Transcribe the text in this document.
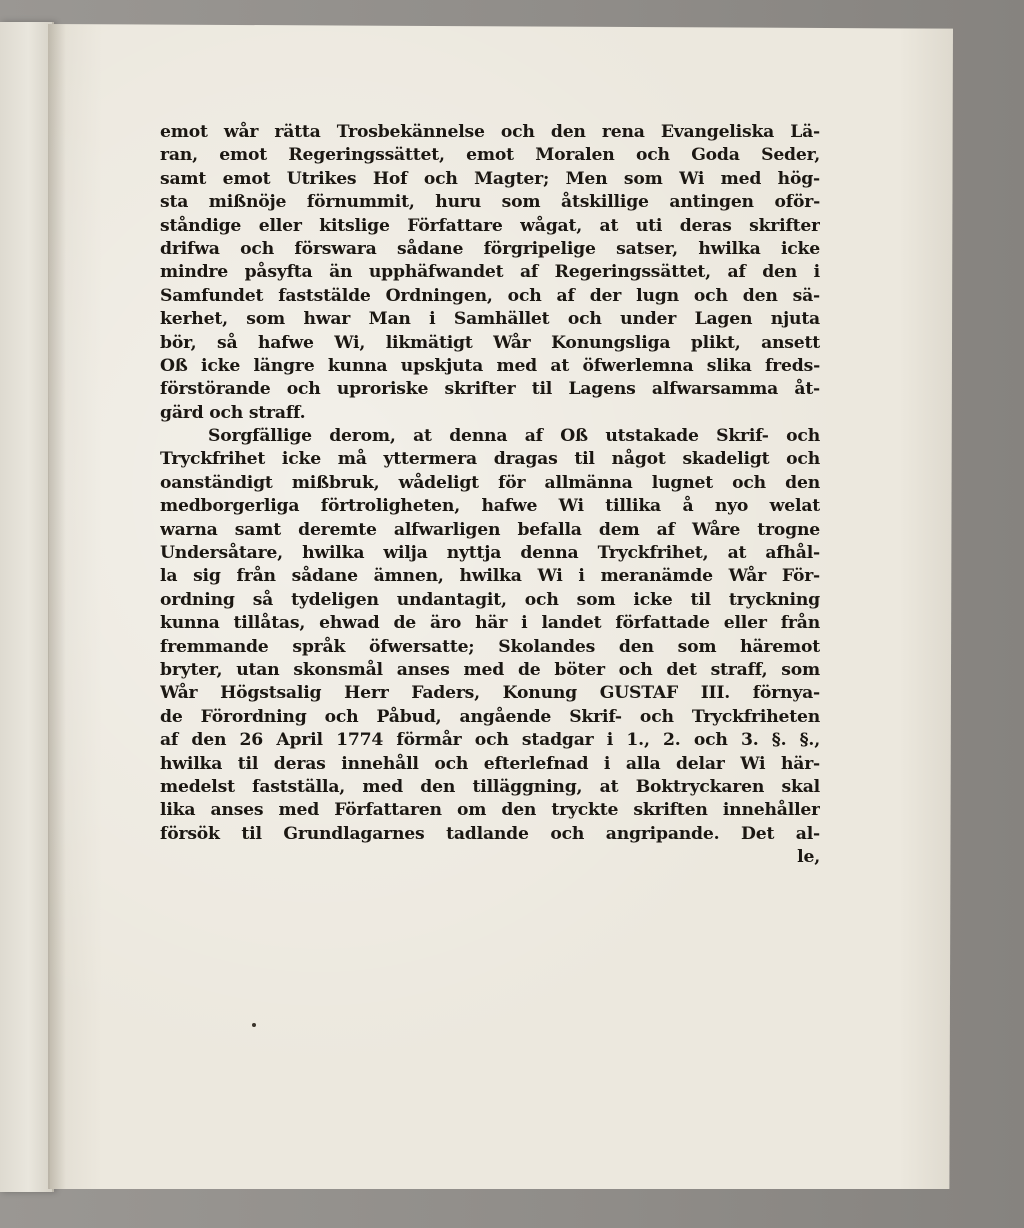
emot wår rätta Trosbekännelse och den rena Evangeliska Lä-
ran, emot Regeringssättet, emot Moralen och Goda Seder,
samt emot Utrikes Hof och Magter; Men som Wi med hög-
sta mißnöje förnummit, huru som åtskillige antingen oför-
ståndige eller kitslige Författare wågat, at uti deras skrifter
drifwa och förswara sådane förgripelige satser, hwilka icke
mindre påsyfta än upphäfwandet af Regeringssättet, af den i
Samfundet faststälde Ordningen, och af der lugn och den sä-
kerhet, som hwar Man i Samhället och under Lagen njuta
bör, så hafwe Wi, likmätigt Wår Konungsliga plikt, ansett
Oß icke längre kunna upskjuta med at öfwerlemna slika freds-
förstörande och uproriske skrifter til Lagens alfwarsamma åt-
gärd och straff.
Sorgfällige derom, at denna af Oß utstakade Skrif- och
Tryckfrihet icke må yttermera dragas til något skadeligt och
oanständigt mißbruk, wådeligt för allmänna lugnet och den
medborgerliga förtroligheten, hafwe Wi tillika å nyo welat
warna samt deremte alfwarligen befalla dem af Wåre trogne
Undersåtare, hwilka wilja nyttja denna Tryckfrihet, at afhål-
la sig från sådane ämnen, hwilka Wi i meranämde Wår För-
ordning så tydeligen undantagit, och som icke til tryckning
kunna tillåtas, ehwad de äro här i landet författade eller från
fremmande språk öfwersatte; Skolandes den som häremot
bryter, utan skonsmål anses med de böter och det straff, som
Wår Högstsalig Herr Faders, Konung GUSTAF III. förnya-
de Förordning och Påbud, angående Skrif- och Tryckfriheten
af den 26 April 1774 förmår och stadgar i 1., 2. och 3. §. §.,
hwilka til deras innehåll och efterlefnad i alla delar Wi här-
medelst fastställa, med den tilläggning, at Boktryckaren skal
lika anses med Författaren om den tryckte skriften innehåller
försök til Grundlagarnes tadlande och angripande. Det al-
le,
